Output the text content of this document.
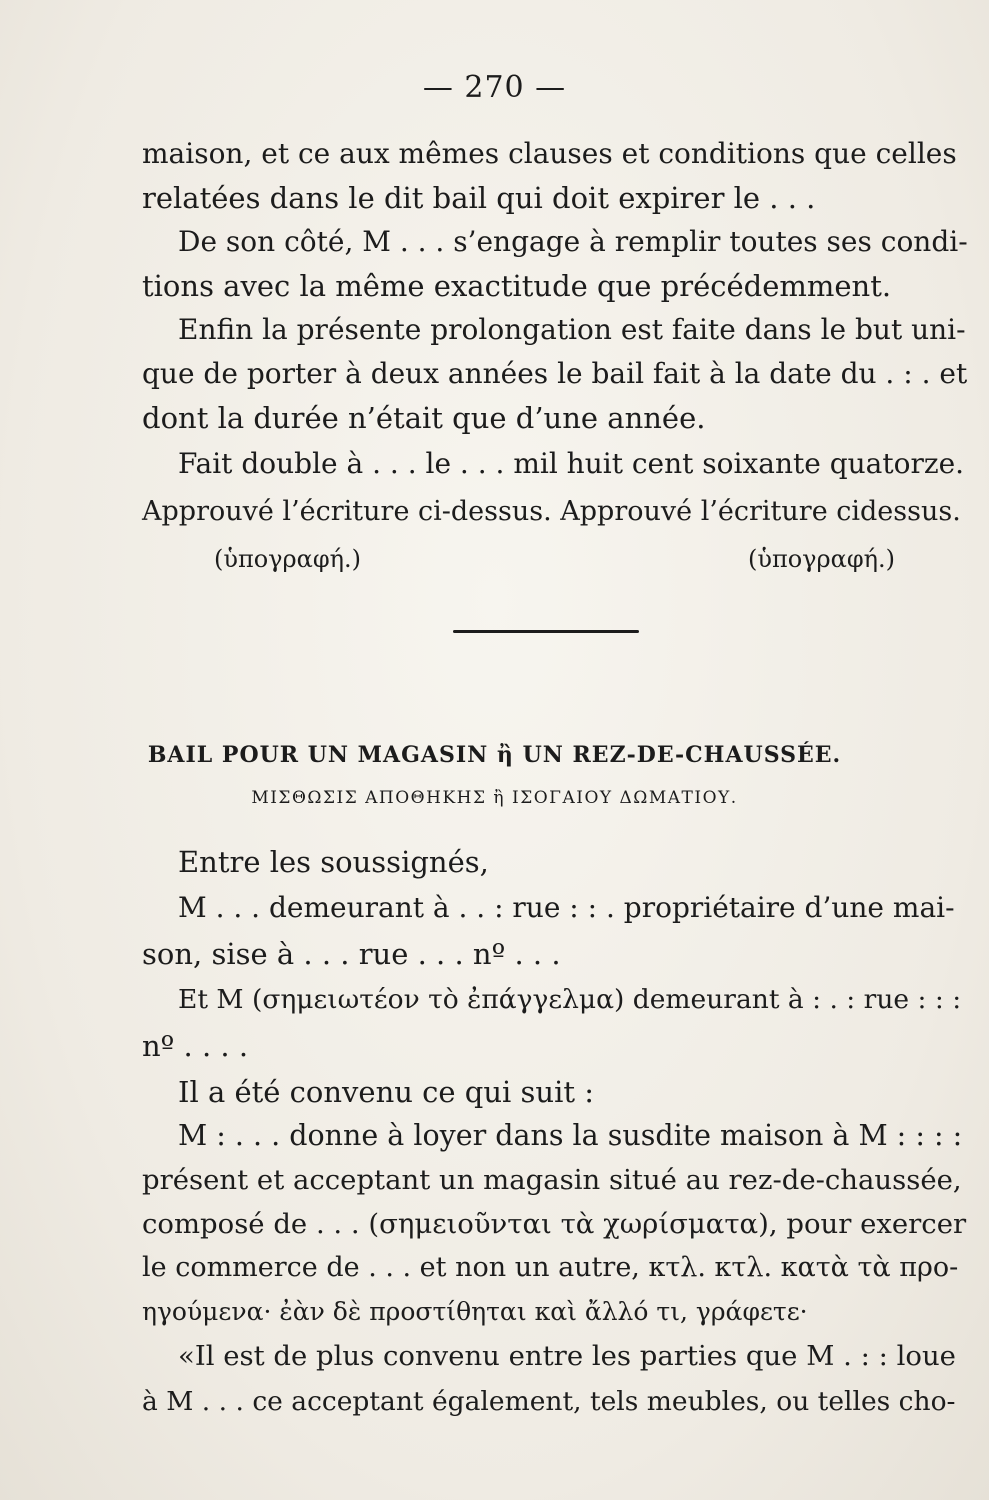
— 270 —
maison, et ce aux mêmes clauses et conditions que celles
relatées dans le dit bail qui doit expirer le . . .
De son côté, M . . . s’engage à remplir toutes ses condi-
tions avec la même exactitude que précédemment.
Enfin la présente prolongation est faite dans le but uni-
que de porter à deux années le bail fait à la date du . : . et
dont la durée n’était que d’une année.
Fait double à . . . le . . . mil huit cent soixante quatorze.
Approuvé l’écriture ci-dessus. Approuvé l’écriture cidessus.
(ὑπογραφή.)	(ὑπογραφή.)
BAIL POUR UN MAGASIN ἢ UN REZ-DE-CHAUSSÉE.
ΜΙΣΘΩΣΙΣ ΑΠΟΘΗΚΗΣ ἢ ΙΣΟΓΑΙΟΥ ΔΩΜΑΤΙΟΥ.
Entre les soussignés,
M . . . demeurant à . . : rue : : . propriétaire d’une mai-
son, sise à . . . rue . . . nº . . .
Et M (σημειωτέον τὸ ἐπάγγελμα) demeurant à : . : rue : : :
nº . . . .
Il a été convenu ce qui suit :
M : . . . donne à loyer dans la susdite maison à M : : : :
présent et acceptant un magasin situé au rez-de-chaussée,
composé de . . . (σημειοῦνται τὰ χωρίσματα), pour exercer
le commerce de . . . et non un autre, κτλ. κτλ. κατὰ τὰ προ-
ηγούμενα· ἐὰν δὲ προστίθηται καὶ ἄλλό τι, γράφετε·
«Il est de plus convenu entre les parties que M . : : loue
à M . . . ce acceptant également, tels meubles, ou telles cho-
